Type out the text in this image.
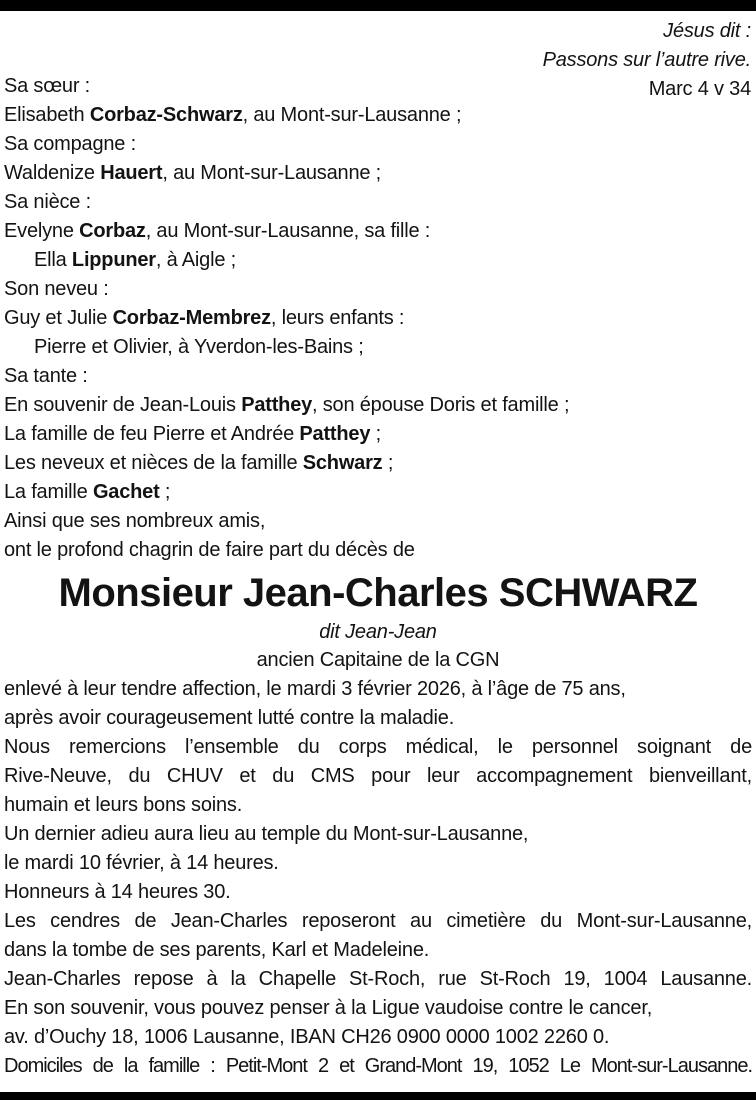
Jésus dit :
Passons sur l’autre rive.
Marc 4 v 34
Sa sœur :
Elisabeth Corbaz-Schwarz, au Mont-sur-Lausanne ;
Sa compagne :
Waldenize Hauert, au Mont-sur-Lausanne ;
Sa nièce :
Evelyne Corbaz, au Mont-sur-Lausanne, sa fille :
Ella Lippuner, à Aigle ;
Son neveu :
Guy et Julie Corbaz-Membrez, leurs enfants :
Pierre et Olivier, à Yverdon-les-Bains ;
Sa tante :
En souvenir de Jean-Louis Patthey, son épouse Doris et famille ;
La famille de feu Pierre et Andrée Patthey ;
Les neveux et nièces de la famille Schwarz ;
La famille Gachet ;
Ainsi que ses nombreux amis,
ont le profond chagrin de faire part du décès de
Monsieur Jean-Charles SCHWARZ
dit Jean-Jean
ancien Capitaine de la CGN
enlevé à leur tendre affection, le mardi 3 février 2026, à l’âge de 75 ans,
après avoir courageusement lutté contre la maladie.
Nous remercions l’ensemble du corps médical, le personnel soignant de
Rive-Neuve, du CHUV et du CMS pour leur accompagnement bienveillant,
humain et leurs bons soins.
Un dernier adieu aura lieu au temple du Mont-sur-Lausanne,
le mardi 10 février, à 14 heures.
Honneurs à 14 heures 30.
Les cendres de Jean-Charles reposeront au cimetière du Mont-sur-Lausanne,
dans la tombe de ses parents, Karl et Madeleine.
Jean-Charles repose à la Chapelle St-Roch, rue St-Roch 19, 1004 Lausanne.
En son souvenir, vous pouvez penser à la Ligue vaudoise contre le cancer,
av. d’Ouchy 18, 1006 Lausanne, IBAN CH26 0900 0000 1002 2260 0.
Domiciles de la famille : Petit-Mont 2 et Grand-Mont 19, 1052 Le Mont-sur-Lausanne.
